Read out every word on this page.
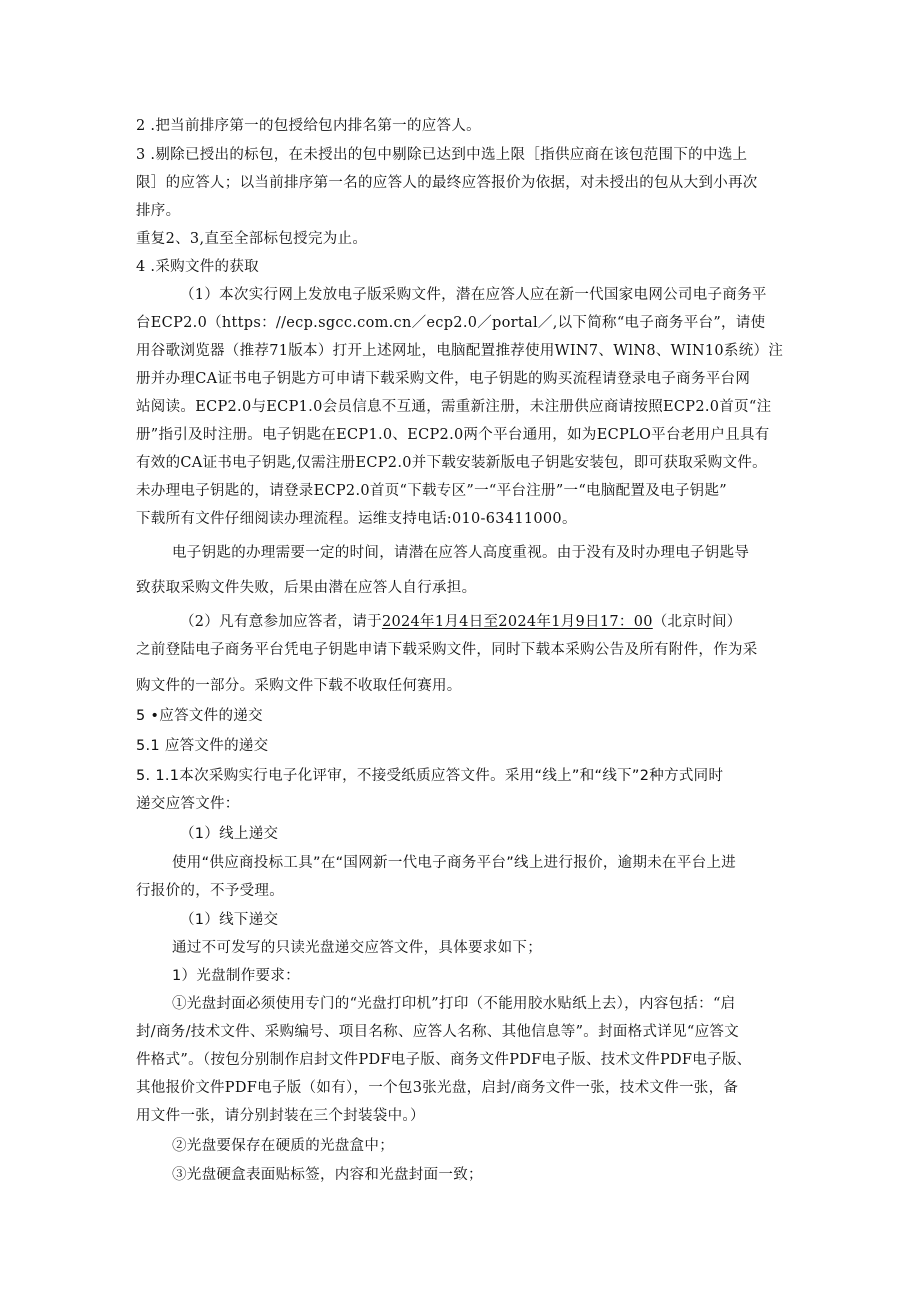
2 .把当前排序第一的包授给包内排名第一的应答人。
3 .剔除已授出的标包，在未授出的包中剔除已达到中选上限［指供应商在该包范围下的中选上
限］的应答人；以当前排序第一名的应答人的最终应答报价为依据，对未授出的包从大到小再次
排序。
重复2、3,直至全部标包授完为止。
4 .采购文件的获取
（1）本次实行网上发放电子版采购文件，潜在应答人应在新一代国家电网公司电子商务平
台ECP2.0（https：//ecp.sgcc.com.cn／ecp2.0／portal／,以下简称“电子商务平台”，请使
用谷歌浏览器（推荐71版本）打开上述网址，电脑配置推荐使用WIN7、WlN8、WIN10系统）注
册并办理CA证书电子钥匙方可申请下载采购文件，电子钥匙的购买流程请登录电子商务平台网
站阅读。ECP2.0与ECP1.0会员信息不互通，需重新注册，未注册供应商请按照ECP2.0首页“注
册”指引及时注册。电子钥匙在ECP1.0、ECP2.0两个平台通用，如为ECPLO平台老用户且具有
有效的CA证书电子钥匙,仅需注册ECP2.0并下载安装新版电子钥匙安装包，即可获取采购文件。
未办理电子钥匙的，请登录ECP2.0首页“下载专区”一“平台注册”一“电脑配置及电子钥匙”
下载所有文件仔细阅读办理流程。运维支持电话:010-63411000。
电子钥匙的办理需要一定的时间，请潜在应答人高度重视。由于没有及时办理电子钥匙导
致获取采购文件失败，后果由潜在应答人自行承担。
（2）凡有意参加应答者，请于2024年1月4日至2024年1月9日17：00（北京时间）
之前登陆电子商务平台凭电子钥匙申请下载采购文件，同时下载本采购公告及所有附件，作为采
购文件的一部分。采购文件下载不收取任何赛用。
5 •应答文件的递交
5.1 应答文件的递交
5. 1.1本次采购实行电子化评审，不接受纸质应答文件。采用“线上”和“线下”2种方式同时
递交应答文件：
（1）线上递交
使用“供应商投标工具”在“国网新一代电子商务平台”线上进行报价，逾期未在平台上进
行报价的，不予受理。
（1）线下递交
通过不可发写的只读光盘递交应答文件，具体要求如下；
1）光盘制作要求：
①光盘封面必须使用专门的“光盘打印机”打印（不能用胶水贴纸上去），内容包括：“启
封/商务/技术文件、采购编号、项目名称、应答人名称、其他信息等”。封面格式详见“应答文
件格式”。（按包分别制作启封文件PDF电子版、商务文件PDF电子版、技术文件PDF电子版、
其他报价文件PDF电子版（如有），一个包3张光盘，启封/商务文件一张，技术文件一张，备
用文件一张，请分别封装在三个封装袋中。）
②光盘要保存在硬质的光盘盒中；
③光盘硬盒表面贴标签，内容和光盘封面一致；
